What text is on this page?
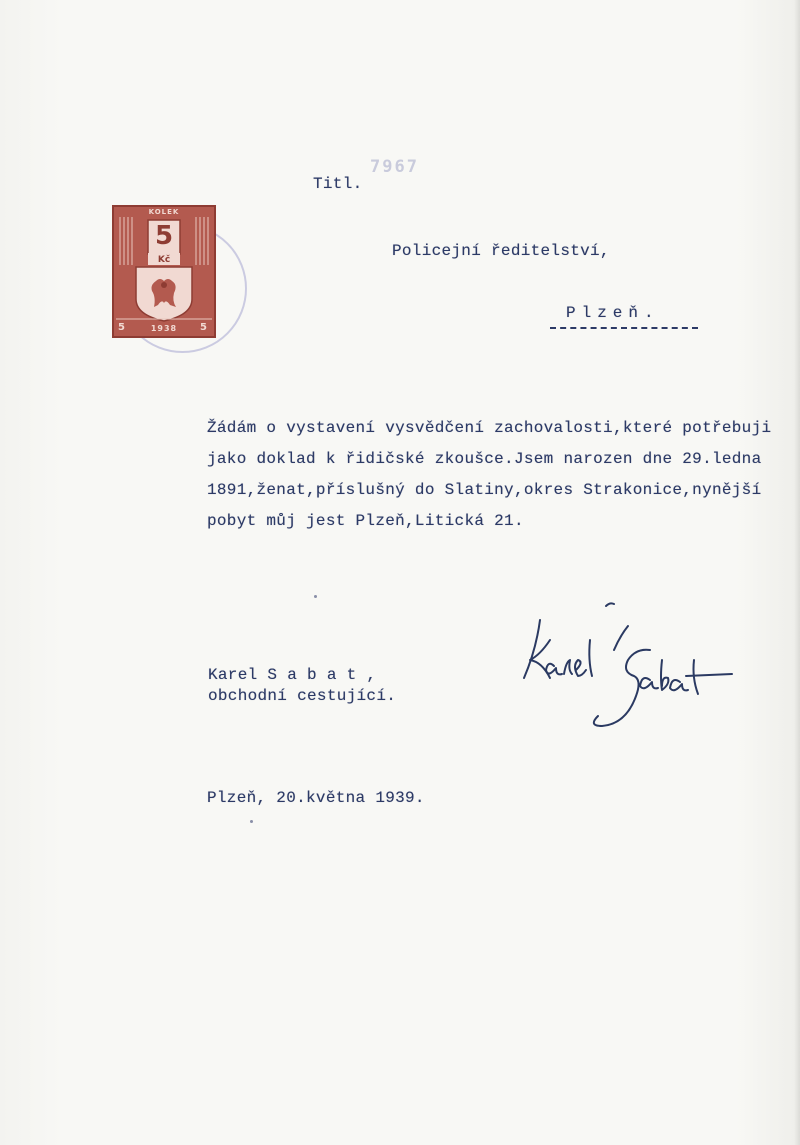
7967
Titl.
Policejní ředitelství,
Plzeň.
KOLEK
5
Kč
1938
5	5
Žádám o vystavení vysvědčení zachovalosti,které potřebuji
jako doklad k řidičské zkoušce.Jsem narozen dne 29.ledna
1891,ženat,příslušný do Slatiny,okres Strakonice,nynější
pobyt můj jest Plzeň,Litická 21.
Karel S a b a t ,
obchodní cestující.
Plzeň, 20.května 1939.
